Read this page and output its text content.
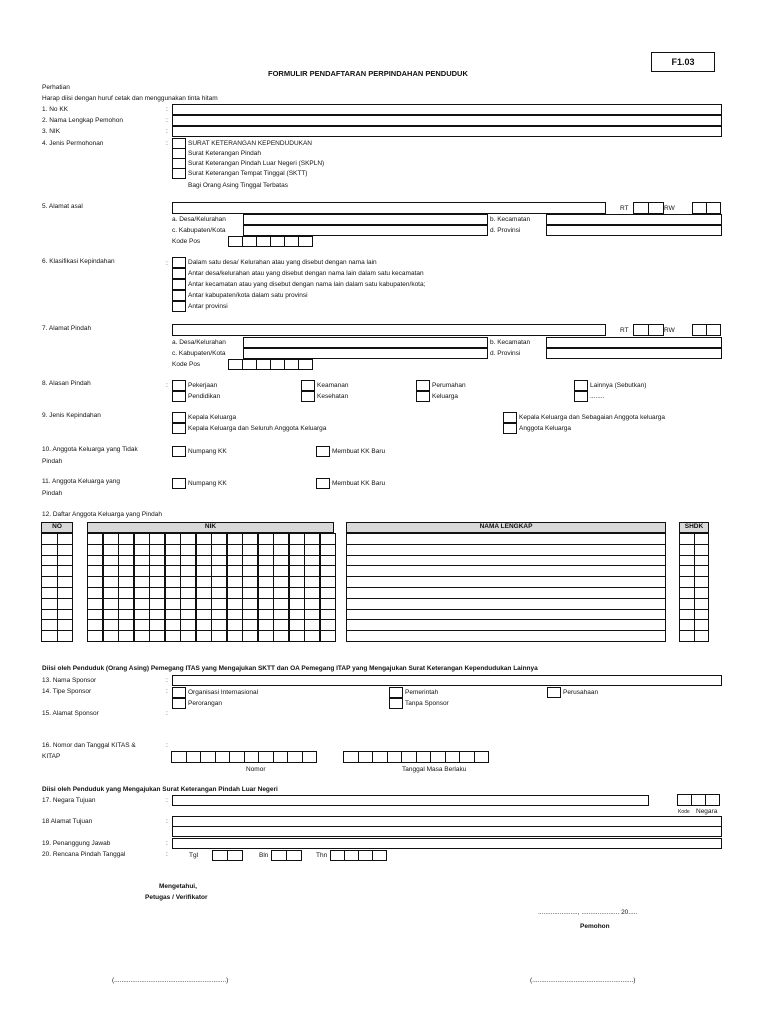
F1.03
FORMULIR PENDAFTARAN PERPINDAHAN PENDUDUK
Perhatian
Harap diisi dengan huruf cetak dan menggunakan tinta hitam
1. No KK	:
2. Nama Lengkap Pemohon	:
3. NIK	:
4. Jenis Permohonan	:	SURAT KETERANGAN KEPENDUDUKAN
Surat Keterangan Pindah
Surat Keterangan Pindah Luar Negeri (SKPLN)
Surat Keterangan Tempat Tinggal (SKTT)
Bagi Orang Asing Tinggal Terbatas
5. Alamat asal	RT	RW
a. Desa/Kelurahan	b. Kecamatan
c. Kabupaten/Kota	d. Provinsi
Kode Pos
6. Klasifikasi Kepindahan	:	Dalam satu desa/ Kelurahan atau yang disebut dengan nama lain
Antar desa/kelurahan atau yang disebut dengan nama lain dalam satu kecamatan
Antar kecamatan atau yang disebut dengan nama lain dalam satu kabupaten/kota;
Antar kabupaten/kota dalam satu provinsi
Antar provinsi
7. Alamat Pindah	RT	RW
a. Desa/Kelurahan	b. Kecamatan
c. Kabupaten/Kota	d. Provinsi
Kode Pos
8. Alasan Pindah	:	Pekerjaan
Pendidikan
Keamanan
Kesehatan
Perumahan
Keluarga
Lainnya (Sebutkan)
........
9. Jenis Kepindahan	Kepala Keluarga
Kepala Keluarga dan Seluruh Anggota Keluarga
Kepala Keluarga dan Sebagaian Anggota keluarga
Anggota Keluarga
10. Anggota Keluarga yang Tidak
Pindah
Numpang KK	Membuat KK Baru
11. Anggota Keluarga yang
Pindah
Numpang KK	Membuat KK Baru
12. Daftar Anggota Keluarga yang Pindah
NO	NIK	NAMA LENGKAP	SHDK
Diisi oleh Penduduk (Orang Asing) Pemegang ITAS yang Mengajukan SKTT dan OA Pemegang ITAP yang Mengajukan Surat Keterangan Kependudukan Lainnya
13. Nama Sponsor	:
14. Tipe Sponsor	:	Organisasi Internasional
Perorangan
Pemerintah
Tanpa Sponsor
Perusahaan
15. Alamat Sponsor	:
16. Nomor dan Tanggal KITAS &
KITAP
:
Nomor	Tanggal Masa Berlaku
Diisi oleh Penduduk yang Mengajukan Surat Keterangan Pindah Luar Negeri
17. Negara Tujuan	:
Kode Negara
18 Alamat Tujuan	:
19. Penanggung Jawab	:
20. Rencana Pindah Tanggal	:	Tgl	Bln	Thn
Mengetahui,
Petugas / Verifikator
......................, ..................... 20.....
Pemohon
(..............................................................)	(........................................................)
